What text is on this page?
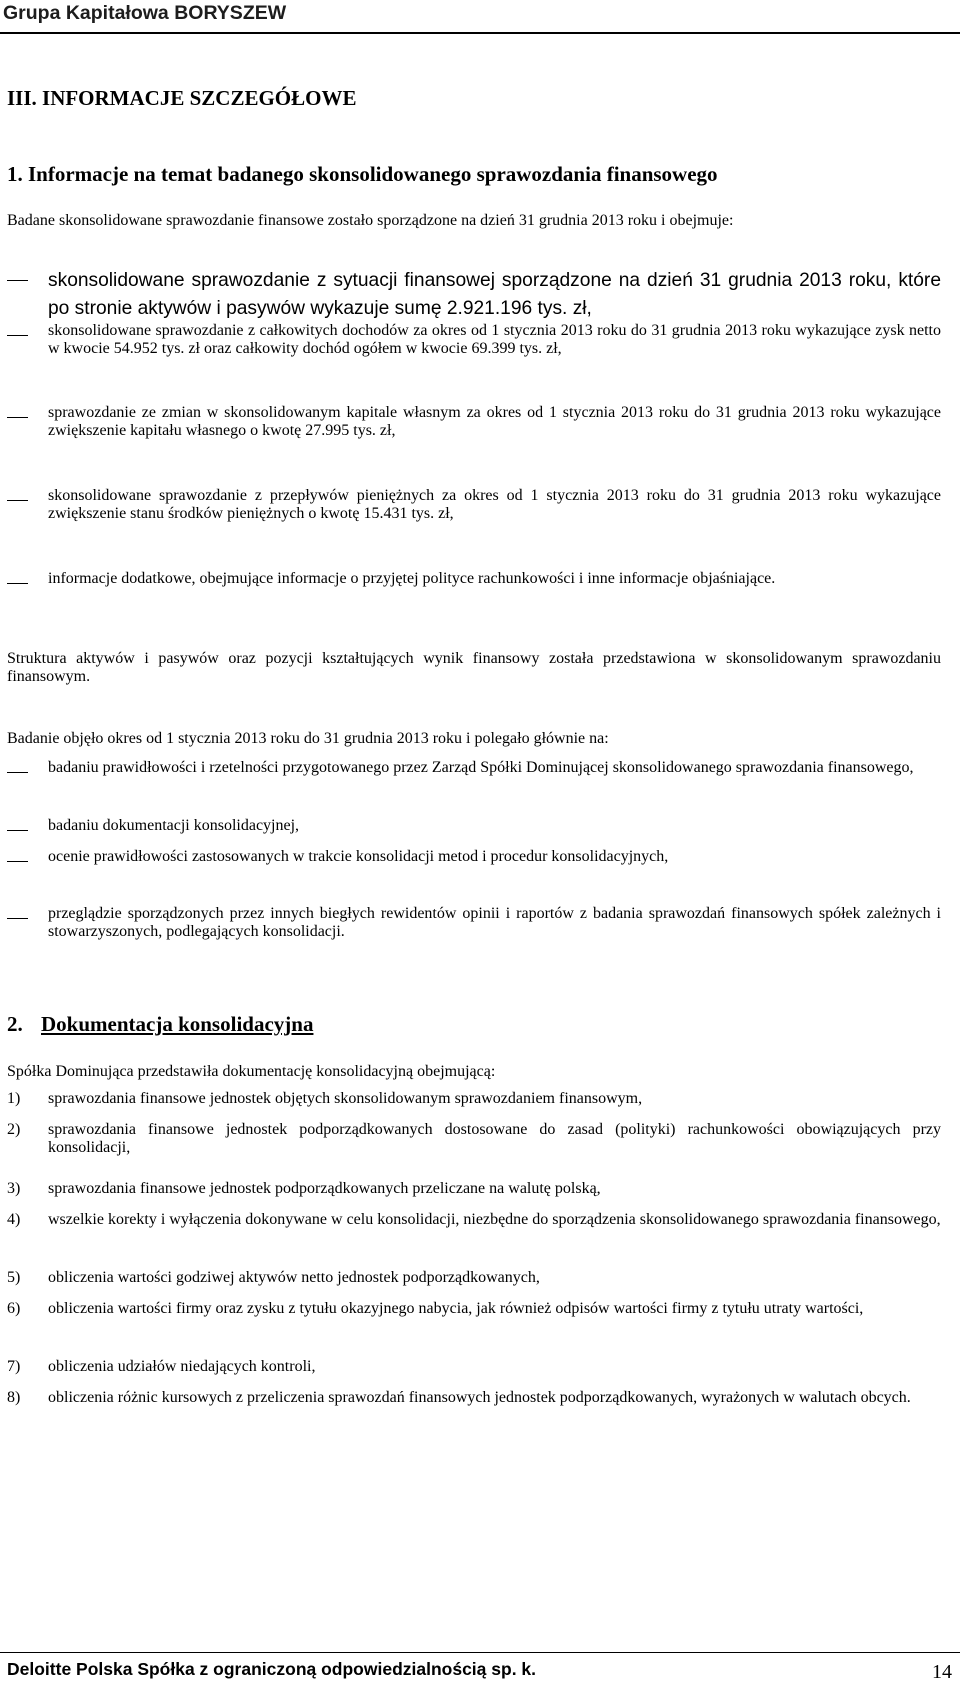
Grupa Kapitałowa BORYSZEW
III. INFORMACJE SZCZEGÓŁOWE
1. Informacje na temat badanego skonsolidowanego sprawozdania finansowego
Badane skonsolidowane sprawozdanie finansowe zostało sporządzone na dzień 31 grudnia 2013 roku i obejmuje:
skonsolidowane sprawozdanie z sytuacji finansowej sporządzone na dzień 31 grudnia 2013 roku, które po stronie aktywów i pasywów wykazuje sumę 2.921.196 tys. zł,
skonsolidowane sprawozdanie z całkowitych dochodów za okres od 1 stycznia 2013 roku do 31 grudnia 2013 roku wykazujące zysk netto w kwocie 54.952 tys. zł oraz całkowity dochód ogółem w kwocie 69.399 tys. zł,
sprawozdanie ze zmian w skonsolidowanym kapitale własnym za okres od 1 stycznia 2013 roku do 31 grudnia 2013 roku wykazujące zwiększenie kapitału własnego o kwotę 27.995 tys. zł,
skonsolidowane sprawozdanie z przepływów pieniężnych za okres od 1 stycznia 2013 roku do 31 grudnia 2013 roku wykazujące zwiększenie stanu środków pieniężnych o kwotę 15.431 tys. zł,
informacje dodatkowe, obejmujące informacje o przyjętej polityce rachunkowości i inne informacje objaśniające.
Struktura aktywów i pasywów oraz pozycji kształtujących wynik finansowy została przedstawiona w skonsolidowanym sprawozdaniu finansowym.
Badanie objęło okres od 1 stycznia 2013 roku do 31 grudnia 2013 roku i polegało głównie na:
badaniu prawidłowości i rzetelności przygotowanego przez Zarząd Spółki Dominującej skonsolidowanego sprawozdania finansowego,
badaniu dokumentacji konsolidacyjnej,
ocenie prawidłowości zastosowanych w trakcie konsolidacji metod i procedur konsolidacyjnych,
przeglądzie sporządzonych przez innych biegłych rewidentów opinii i raportów z badania sprawozdań finansowych spółek zależnych i stowarzyszonych, podlegających konsolidacji.
2. Dokumentacja konsolidacyjna
Spółka Dominująca przedstawiła dokumentację konsolidacyjną obejmującą:
1) sprawozdania finansowe jednostek objętych skonsolidowanym sprawozdaniem finansowym,
2) sprawozdania finansowe jednostek podporządkowanych dostosowane do zasad (polityki) rachunkowości obowiązujących przy konsolidacji,
3) sprawozdania finansowe jednostek podporządkowanych przeliczane na walutę polską,
4) wszelkie korekty i wyłączenia dokonywane w celu konsolidacji, niezbędne do sporządzenia skonsolidowanego sprawozdania finansowego,
5) obliczenia wartości godziwej aktywów netto jednostek podporządkowanych,
6) obliczenia wartości firmy oraz zysku z tytułu okazyjnego nabycia, jak również odpisów wartości firmy z tytułu utraty wartości,
7) obliczenia udziałów niedających kontroli,
8) obliczenia różnic kursowych z przeliczenia sprawozdań finansowych jednostek podporządkowanych, wyrażonych w walutach obcych.
Deloitte Polska Spółka z ograniczoną odpowiedzialnością sp. k.	14
